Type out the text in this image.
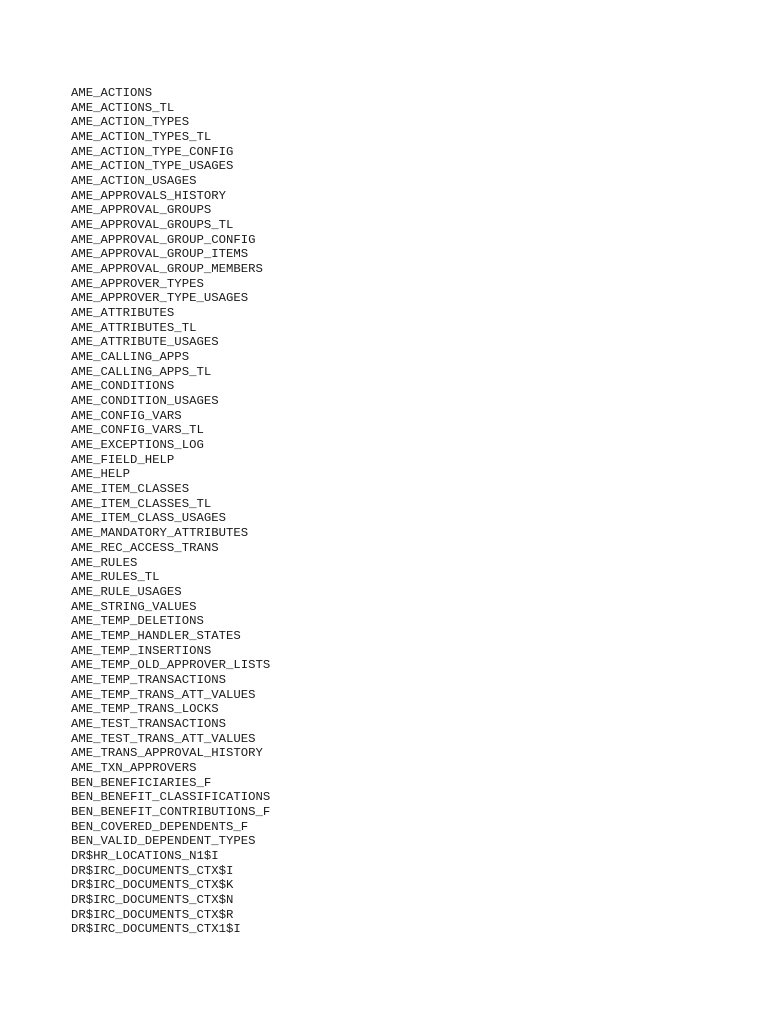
AME_ACTIONS
AME_ACTIONS_TL
AME_ACTION_TYPES
AME_ACTION_TYPES_TL
AME_ACTION_TYPE_CONFIG
AME_ACTION_TYPE_USAGES
AME_ACTION_USAGES
AME_APPROVALS_HISTORY
AME_APPROVAL_GROUPS
AME_APPROVAL_GROUPS_TL
AME_APPROVAL_GROUP_CONFIG
AME_APPROVAL_GROUP_ITEMS
AME_APPROVAL_GROUP_MEMBERS
AME_APPROVER_TYPES
AME_APPROVER_TYPE_USAGES
AME_ATTRIBUTES
AME_ATTRIBUTES_TL
AME_ATTRIBUTE_USAGES
AME_CALLING_APPS
AME_CALLING_APPS_TL
AME_CONDITIONS
AME_CONDITION_USAGES
AME_CONFIG_VARS
AME_CONFIG_VARS_TL
AME_EXCEPTIONS_LOG
AME_FIELD_HELP
AME_HELP
AME_ITEM_CLASSES
AME_ITEM_CLASSES_TL
AME_ITEM_CLASS_USAGES
AME_MANDATORY_ATTRIBUTES
AME_REC_ACCESS_TRANS
AME_RULES
AME_RULES_TL
AME_RULE_USAGES
AME_STRING_VALUES
AME_TEMP_DELETIONS
AME_TEMP_HANDLER_STATES
AME_TEMP_INSERTIONS
AME_TEMP_OLD_APPROVER_LISTS
AME_TEMP_TRANSACTIONS
AME_TEMP_TRANS_ATT_VALUES
AME_TEMP_TRANS_LOCKS
AME_TEST_TRANSACTIONS
AME_TEST_TRANS_ATT_VALUES
AME_TRANS_APPROVAL_HISTORY
AME_TXN_APPROVERS
BEN_BENEFICIARIES_F
BEN_BENEFIT_CLASSIFICATIONS
BEN_BENEFIT_CONTRIBUTIONS_F
BEN_COVERED_DEPENDENTS_F
BEN_VALID_DEPENDENT_TYPES
DR$HR_LOCATIONS_N1$I
DR$IRC_DOCUMENTS_CTX$I
DR$IRC_DOCUMENTS_CTX$K
DR$IRC_DOCUMENTS_CTX$N
DR$IRC_DOCUMENTS_CTX$R
DR$IRC_DOCUMENTS_CTX1$I
